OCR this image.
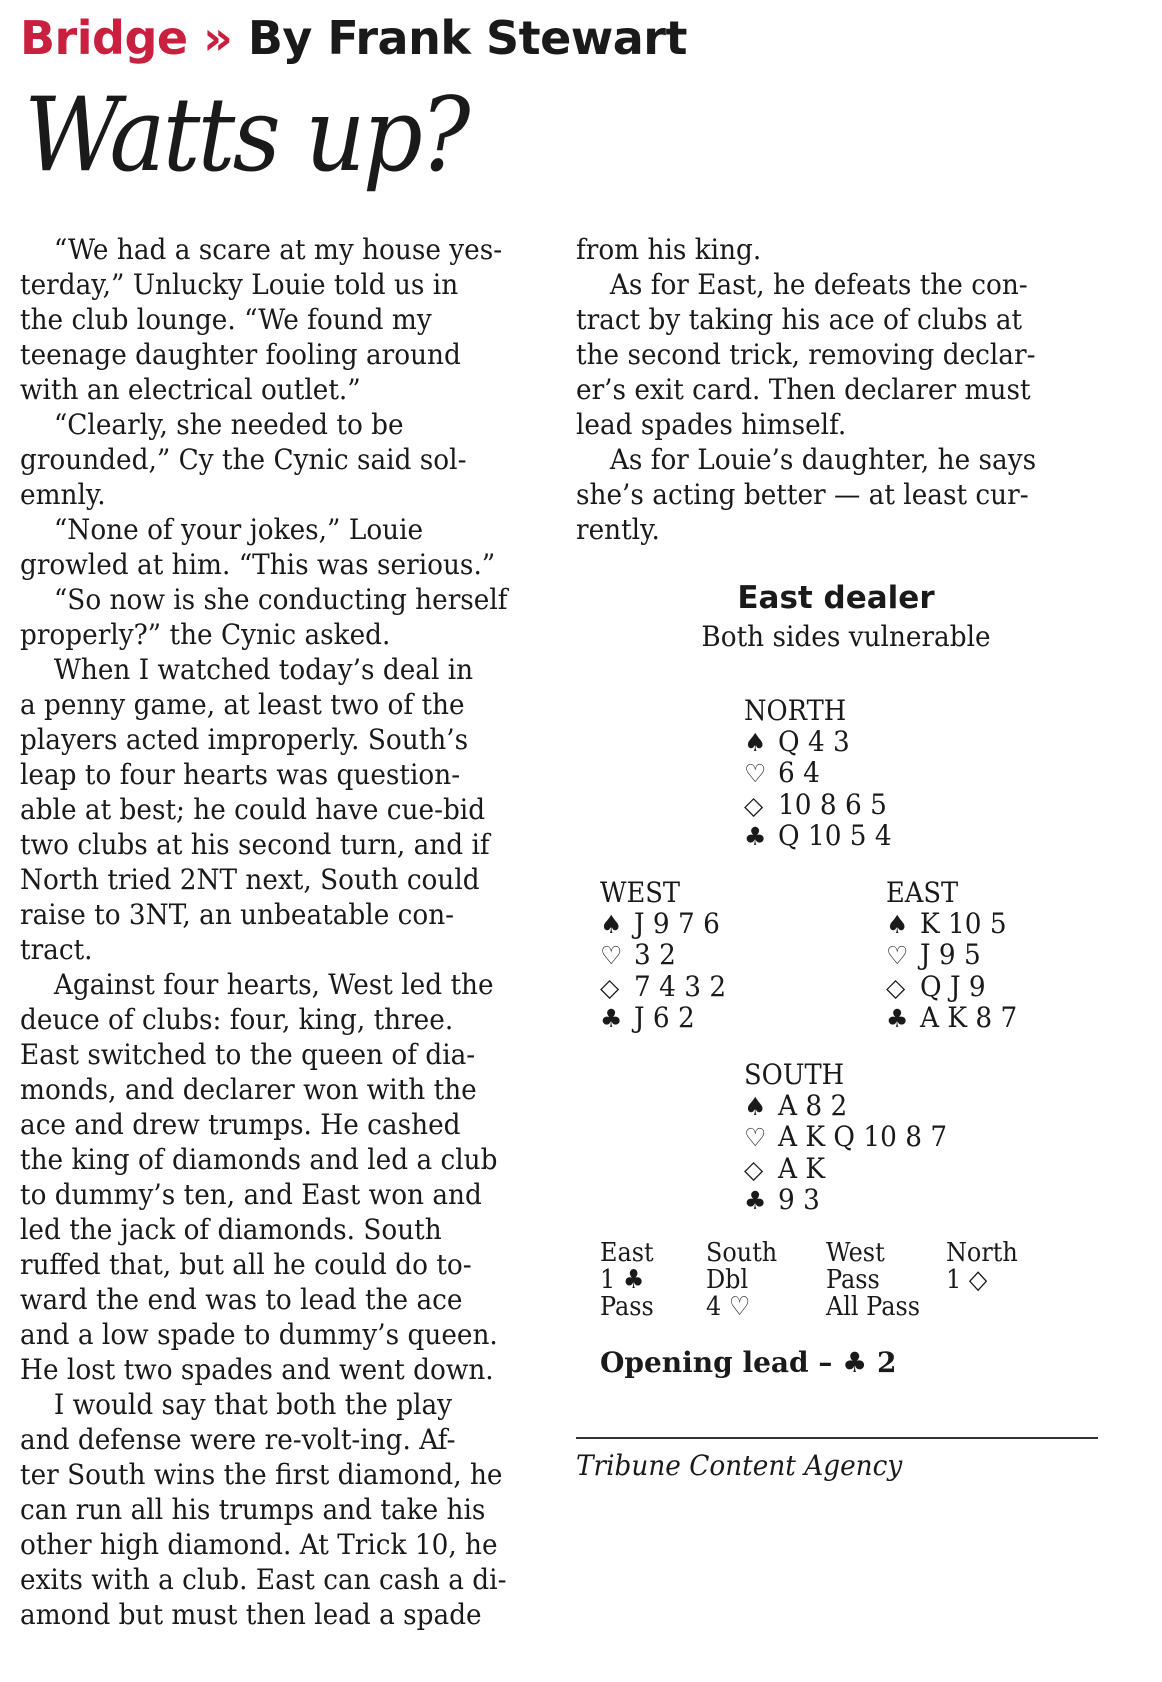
Bridge » By Frank Stewart
Watts up?
“We had a scare at my house yes-
terday,” Unlucky Louie told us in
the club lounge. “We found my
teenage daughter fooling around
with an electrical outlet.”
“Clearly, she needed to be
grounded,” Cy the Cynic said sol-
emnly.
“None of your jokes,” Louie
growled at him. “This was serious.”
“So now is she conducting herself
properly?” the Cynic asked.
When I watched today’s deal in
a penny game, at least two of the
players acted improperly. South’s
leap to four hearts was question-
able at best; he could have cue-bid
two clubs at his second turn, and if
North tried 2NT next, South could
raise to 3NT, an unbeatable con-
tract.
Against four hearts, West led the
deuce of clubs: four, king, three.
East switched to the queen of dia-
monds, and declarer won with the
ace and drew trumps. He cashed
the king of diamonds and led a club
to dummy’s ten, and East won and
led the jack of diamonds. South
ruffed that, but all he could do to-
ward the end was to lead the ace
and a low spade to dummy’s queen.
He lost two spades and went down.
I would say that both the play
and defense were re-volt-ing. Af-
ter South wins the first diamond, he
can run all his trumps and take his
other high diamond. At Trick 10, he
exits with a club. East can cash a di-
amond but must then lead a spade
from his king.
As for East, he defeats the con-
tract by taking his ace of clubs at
the second trick, removing declar-
er’s exit card. Then declarer must
lead spades himself.
As for Louie’s daughter, he says
she’s acting better — at least cur-
rently.
East dealer
Both sides vulnerable
NORTH
♠ Q 4 3
♡ 6 4
◇ 10 8 6 5
♣ Q 10 5 4
WEST
♠ J 9 7 6
♡ 3 2
◇ 7 4 3 2
♣ J 6 2
EAST
♠ K 10 5
♡ J 9 5
◇ Q J 9
♣ A K 8 7
SOUTH
♠ A 8 2
♡ A K Q 10 8 7
◇ A K
♣ 9 3
East
1 ♣
Pass
South
Dbl
4 ♡
West
Pass
All Pass
North
1 ◇
Opening lead – ♣ 2
Tribune Content Agency
